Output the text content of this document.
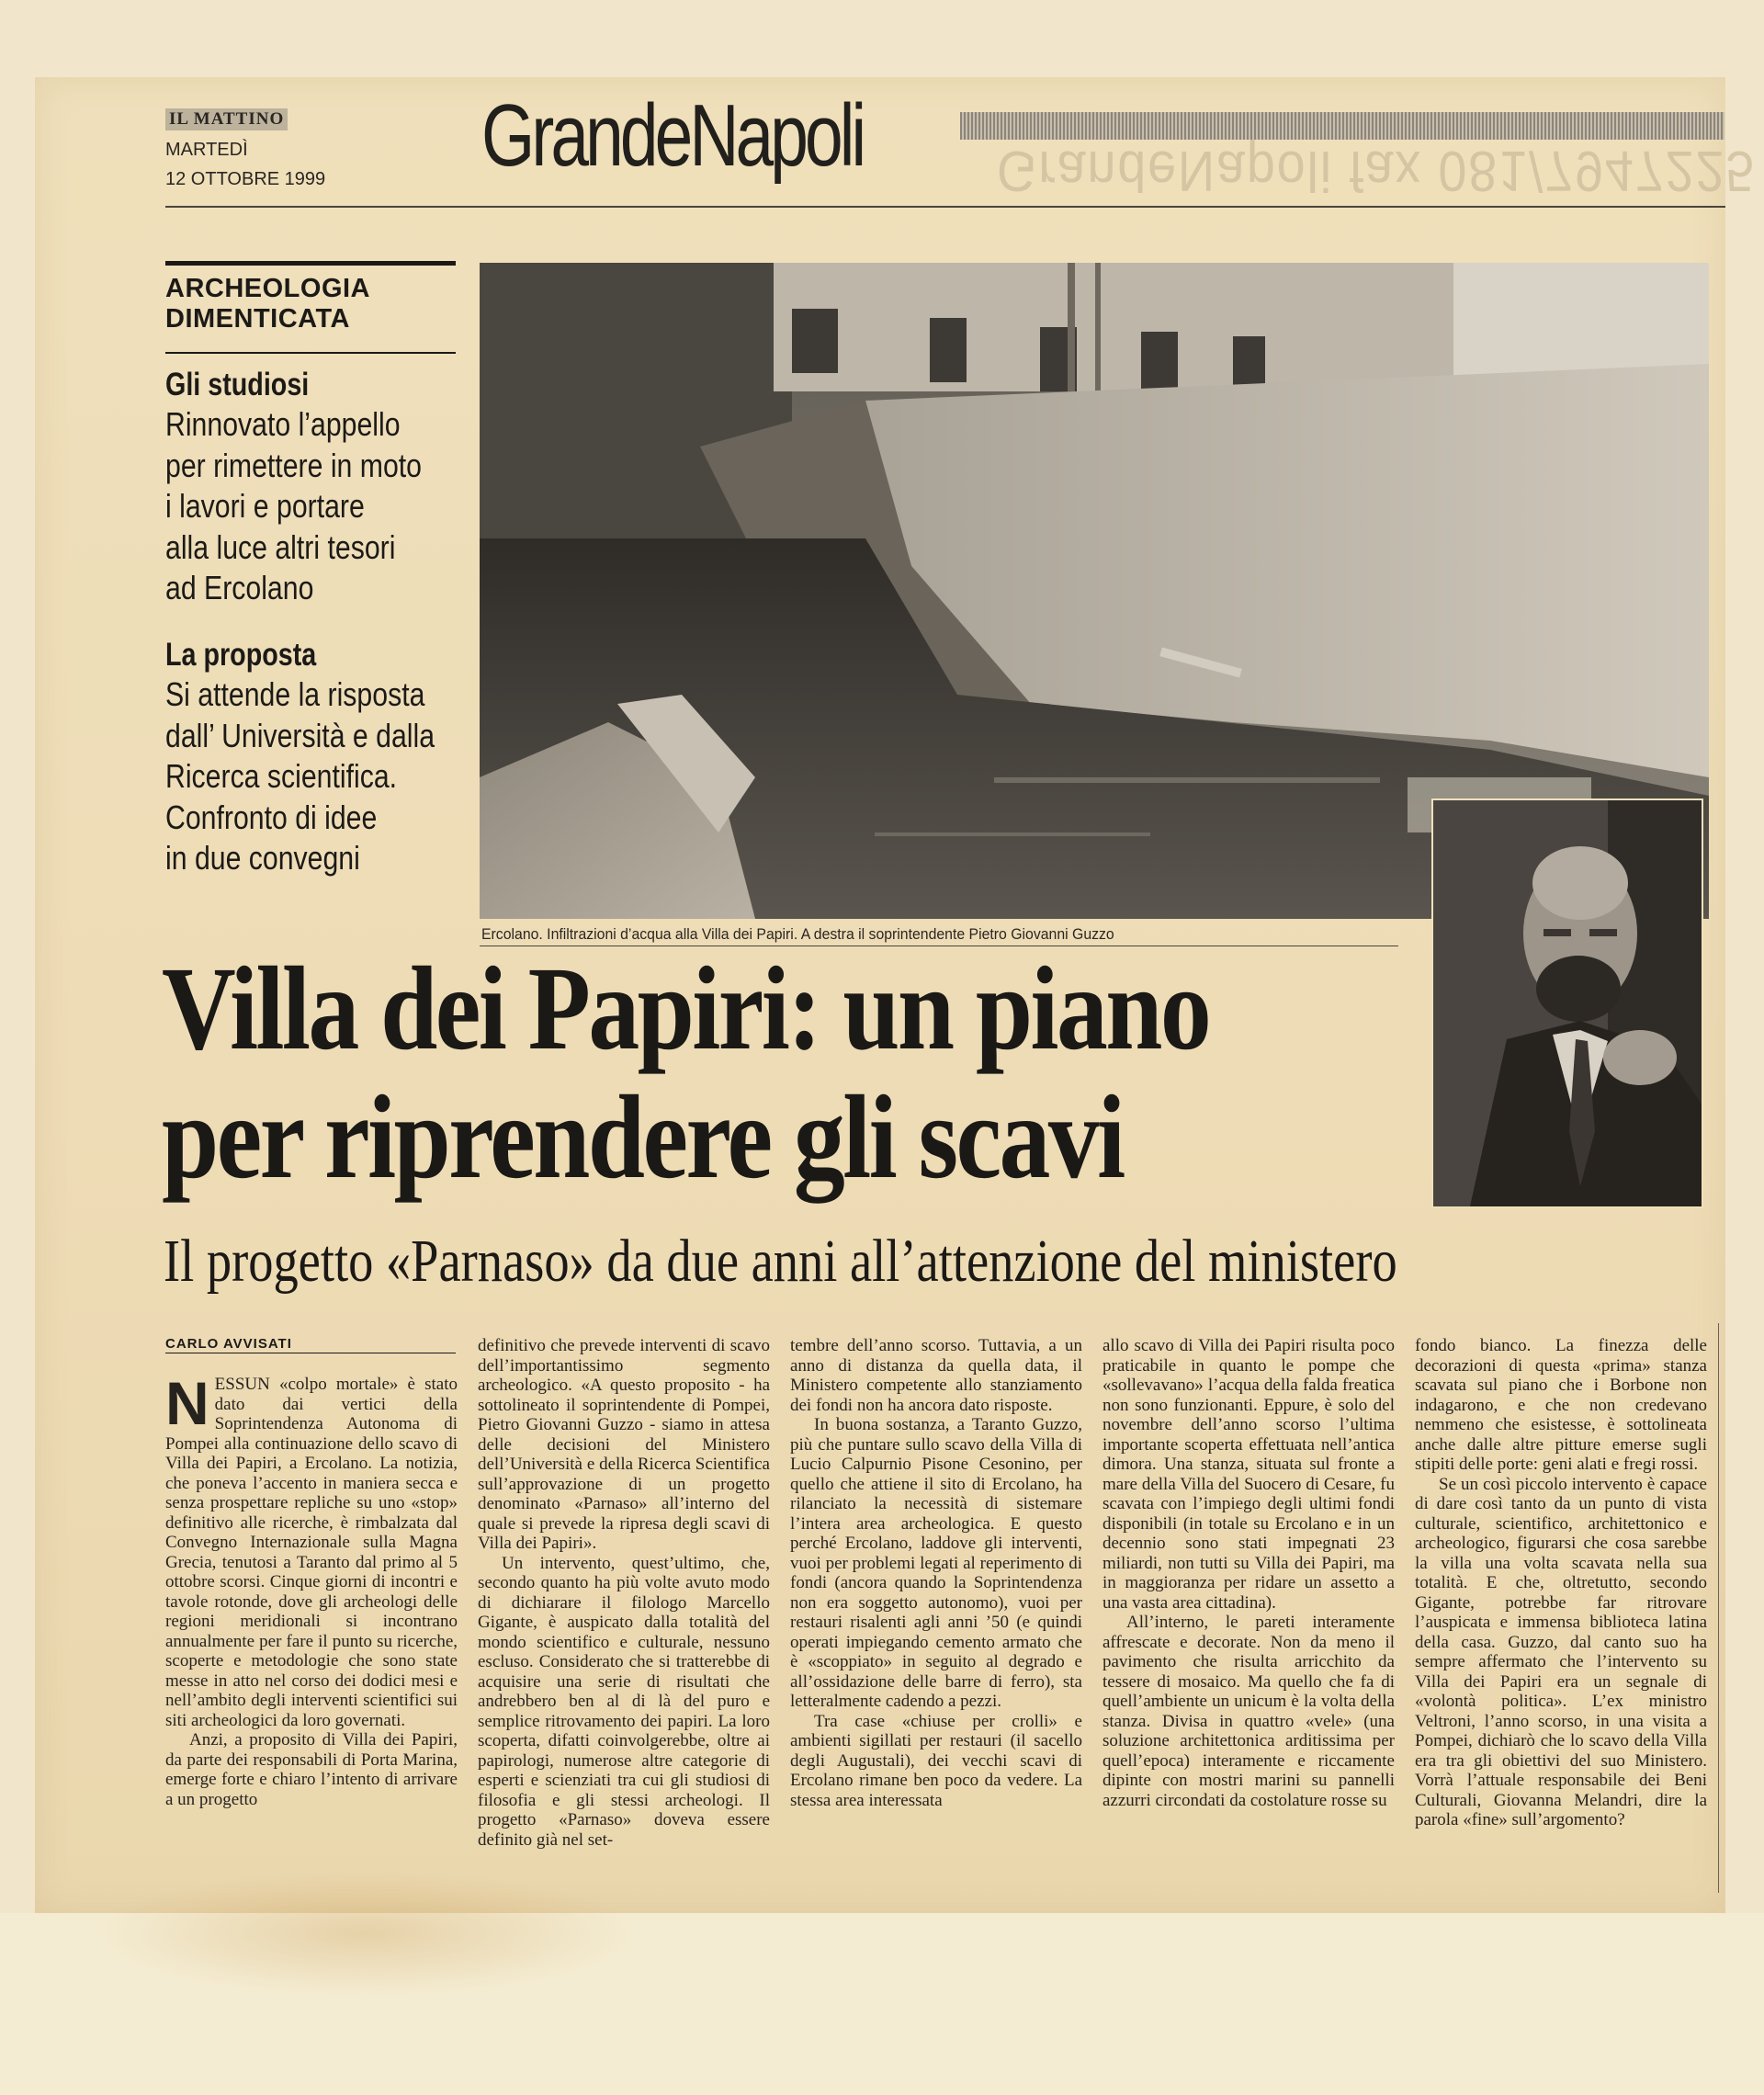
IL MATTINO
MARTEDÌ
12 OTTOBRE 1999 GrandeNapoli GrandeNapoli fax 081/7947225
ARCHEOLOGIA
DIMENTICATA
Gli studiosi
Rinnovato l’appello
per rimettere in moto
i lavori e portare
alla luce altri tesori
ad Ercolano
La proposta
Si attende la risposta
dall’ Università e dalla
Ricerca scientifica.
Confronto di idee
in due convegni
Ercolano. Infiltrazioni d’acqua alla Villa dei Papiri. A destra il soprintendente Pietro Giovanni Guzzo
Villa dei Papiri: un piano
per riprendere gli scavi
Il progetto «Parnaso» da due anni all’attenzione del ministero
CARLO AVVISATI

NESSUN «colpo mortale» è stato dato dai vertici della Soprintendenza Autonoma di Pompei alla continuazione dello scavo di Villa dei Papiri, a Ercolano. La notizia, che poneva l’accento in maniera secca e senza prospettare repliche su uno «stop» definitivo alle ricerche, è rimbalzata dal Convegno Internazionale sulla Magna Grecia, tenutosi a Taranto dal primo al 5 ottobre scorsi. Cinque giorni di incontri e tavole rotonde, dove gli archeologi delle regioni meridionali si incontrano annualmente per fare il punto su ricerche, scoperte e metodologie che sono state messe in atto nel corso dei dodici mesi e nell’ambito degli interventi scientifici sui siti archeologici da loro governati.

Anzi, a proposito di Villa dei Papiri, da parte dei responsabili di Porta Marina, emerge forte e chiaro l’intento di arrivare a un progetto

definitivo che prevede interventi di scavo dell’importantissimo segmento archeologico. «A questo proposito - ha sottolineato il soprintendente di Pompei, Pietro Giovanni Guzzo - siamo in attesa delle decisioni del Ministero dell’Università e della Ricerca Scientifica sull’approvazione di un progetto denominato «Parnaso» all’interno del quale si prevede la ripresa degli scavi di Villa dei Papiri».

Un intervento, quest’ultimo, che, secondo quanto ha più volte avuto modo di dichiarare il filologo Marcello Gigante, è auspicato dalla totalità del mondo scientifico e culturale, nessuno escluso. Considerato che si tratterebbe di acquisire una serie di risultati che andrebbero ben al di là del puro e semplice ritrovamento dei papiri. La loro scoperta, difatti coinvolgerebbe, oltre ai papirologi, numerose altre categorie di esperti e scienziati tra cui gli studiosi di filosofia e gli stessi archeologi. Il progetto «Parnaso» doveva essere definito già nel set-

tembre dell’anno scorso. Tuttavia, a un anno di distanza da quella data, il Ministero competente allo stanziamento dei fondi non ha ancora dato risposte.

In buona sostanza, a Taranto Guzzo, più che puntare sullo scavo della Villa di Lucio Calpurnio Pisone Cesonino, per quello che attiene il sito di Ercolano, ha rilanciato la necessità di sistemare l’intera area archeologica. E questo perché Ercolano, laddove gli interventi, vuoi per problemi legati al reperimento di fondi (ancora quando la Soprintendenza non era soggetto autonomo), vuoi per restauri risalenti agli anni ’50 (e quindi operati impiegando cemento armato che è «scoppiato» in seguito al degrado e all’ossidazione delle barre di ferro), sta letteralmente cadendo a pezzi.

Tra case «chiuse per crolli» e ambienti sigillati per restauri (il sacello degli Augustali), dei vecchi scavi di Ercolano rimane ben poco da vedere. La stessa area interessata

allo scavo di Villa dei Papiri risulta poco praticabile in quanto le pompe che «sollevavano» l’acqua della falda freatica non sono funzionanti. Eppure, è solo del novembre dell’anno scorso l’ultima importante scoperta effettuata nell’antica dimora. Una stanza, situata sul fronte a mare della Villa del Suocero di Cesare, fu scavata con l’impiego degli ultimi fondi disponibili (in totale su Ercolano e in un decennio sono stati impegnati 23 miliardi, non tutti su Villa dei Papiri, ma in maggioranza per ridare un assetto a una vasta area cittadina).

All’interno, le pareti interamente affrescate e decorate. Non da meno il pavimento che risulta arricchito da tessere di mosaico. Ma quello che fa di quell’ambiente un unicum è la volta della stanza. Divisa in quattro «vele» (una soluzione architettonica arditissima per quell’epoca) interamente e riccamente dipinte con mostri marini su pannelli azzurri circondati da costolature rosse su

fondo bianco. La finezza delle decorazioni di questa «prima» stanza scavata sul piano che i Borbone non indagarono, e che non credevano nemmeno che esistesse, è sottolineata anche dalle altre pitture emerse sugli stipiti delle porte: geni alati e fregi rossi.

Se un così piccolo intervento è capace di dare così tanto da un punto di vista culturale, scientifico, architettonico e archeologico, figurarsi che cosa sarebbe la villa una volta scavata nella sua totalità. E che, oltretutto, secondo Gigante, potrebbe far ritrovare l’auspicata e immensa biblioteca latina della casa. Guzzo, dal canto suo ha sempre affermato che l’intervento su Villa dei Papiri era un segnale di «volontà politica». L’ex ministro Veltroni, l’anno scorso, in una visita a Pompei, dichiarò che lo scavo della Villa era tra gli obiettivi del suo Ministero. Vorrà l’attuale responsabile dei Beni Culturali, Giovanna Melandri, dire la parola «fine» sull’argomento?
